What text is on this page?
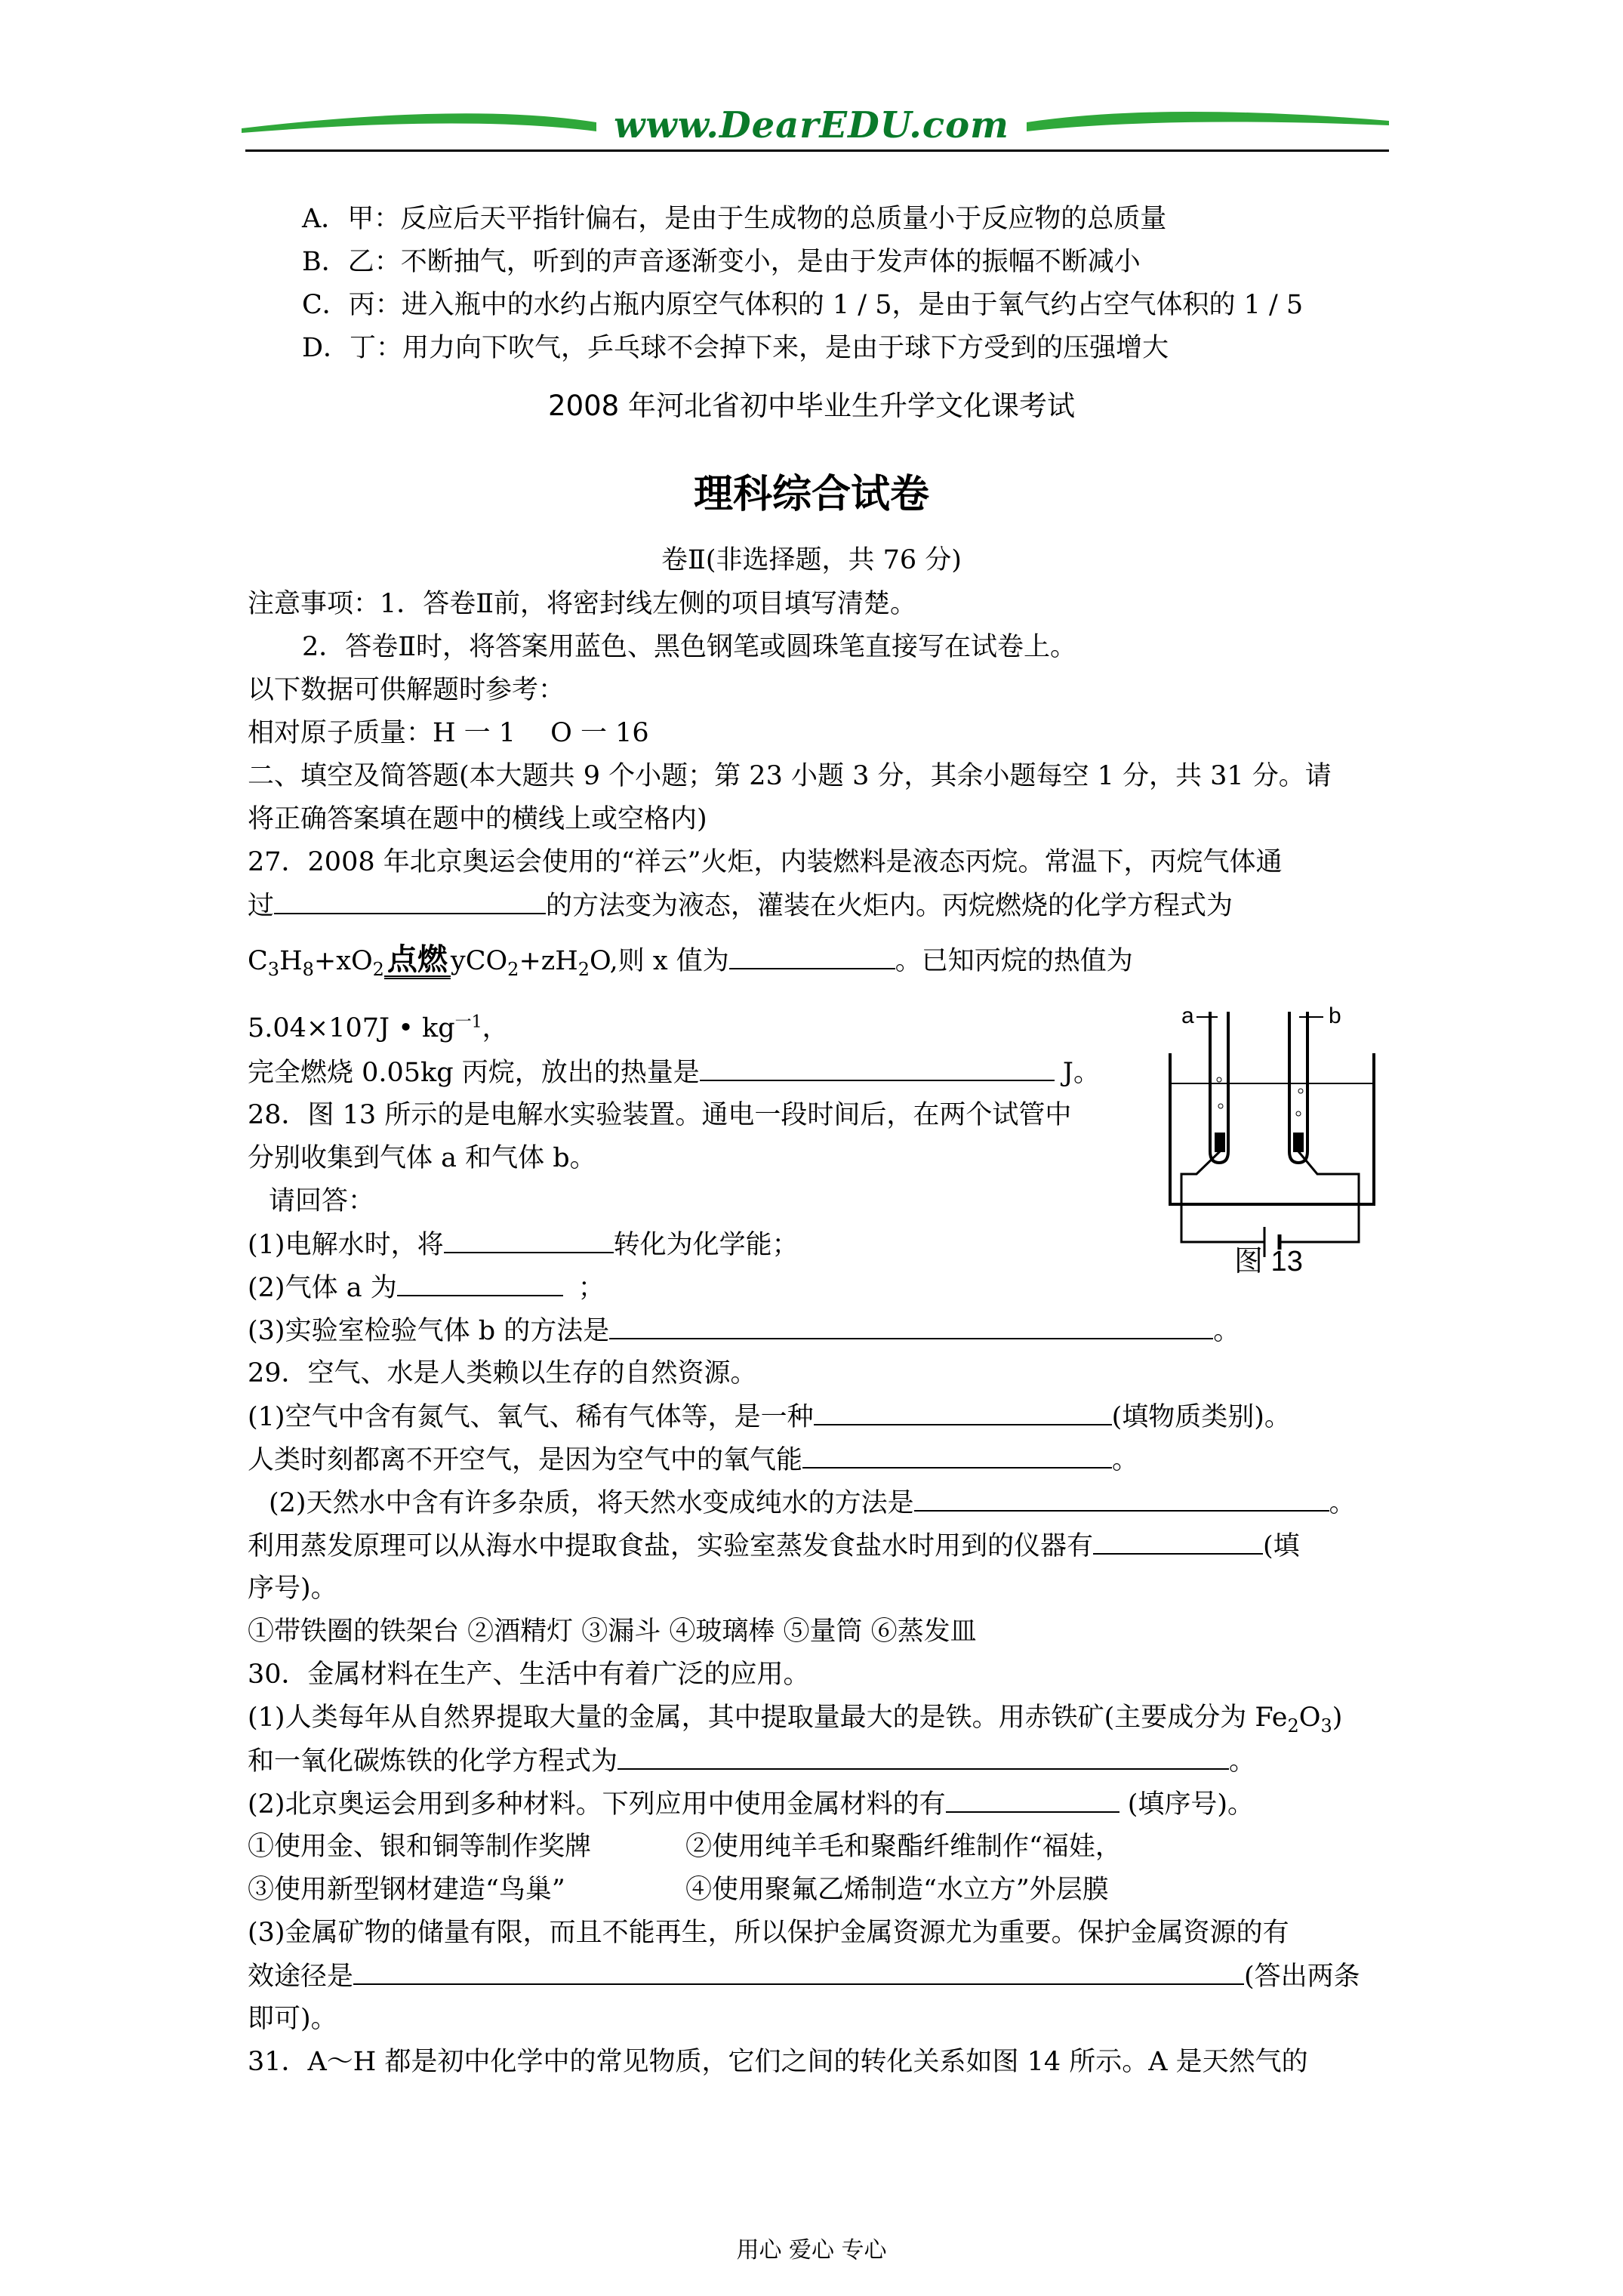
www.DearEDU.com
A．甲：反应后天平指针偏右，是由于生成物的总质量小于反应物的总质量
B．乙：不断抽气，听到的声音逐渐变小，是由于发声体的振幅不断减小
C．丙：进入瓶中的水约占瓶内原空气体积的 1 / 5，是由于氧气约占空气体积的 1 / 5
D．丁：用力向下吹气，乒乓球不会掉下来，是由于球下方受到的压强增大
2008 年河北省初中毕业生升学文化课考试
理科综合试卷
卷Ⅱ(非选择题，共 76 分)
注意事项：1．答卷Ⅱ前，将密封线左侧的项目填写清楚。
2．答卷Ⅱ时，将答案用蓝色、黑色钢笔或圆珠笔直接写在试卷上。
以下数据可供解题时参考：
相对原子质量：H 一 1　 O 一 16
二、填空及简答题(本大题共 9 个小题；第 23 小题 3 分，其余小题每空 1 分，共 31 分。请
将正确答案填在题中的横线上或空格内)
27．2008 年北京奥运会使用的“祥云”火炬，内装燃料是液态丙烷。常温下，丙烷气体通
过	的方法变为液态，灌装在火炬内。丙烷燃烧的化学方程式为
$C_3H_8+xO_2$ 点燃 $yCO_2+zH_2O$,则 x 值为	。已知丙烷的热值为
5.04×107J • $kg^{一1}$，
完全燃烧 0.05kg 丙烷，放出的热量是	J。
28．图 13 所示的是电解水实验装置。通电一段时间后，在两个试管中
分别收集到气体 a 和气体 b。
请回答：
(1)电解水时，将	转化为化学能；
(2)气体 a 为	；
(3)实验室检验气体 b 的方法是	。
a	b
图 13
29．空气、水是人类赖以生存的自然资源。
(1)空气中含有氮气、氧气、稀有气体等，是一种	(填物质类别)。
人类时刻都离不开空气，是因为空气中的氧气能	。
(2)天然水中含有许多杂质，将天然水变成纯水的方法是	。
利用蒸发原理可以从海水中提取食盐，实验室蒸发食盐水时用到的仪器有	(填
序号)。
①带铁圈的铁架台 ②酒精灯 ③漏斗 ④玻璃棒 ⑤量筒 ⑥蒸发皿
30．金属材料在生产、生活中有着广泛的应用。
(1)人类每年从自然界提取大量的金属，其中提取量最大的是铁。用赤铁矿(主要成分为 $Fe_2O_3$)
和一氧化碳炼铁的化学方程式为	。
(2)北京奥运会用到多种材料。下列应用中使用金属材料的有	(填序号)。
①使用金、银和铜等制作奖牌	②使用纯羊毛和聚酯纤维制作“福娃，
③使用新型钢材建造“鸟巢”	④使用聚氟乙烯制造“水立方”外层膜
(3)金属矿物的储量有限，而且不能再生，所以保护金属资源尤为重要。保护金属资源的有
效途径是	(答出两条
即可)。
31．A～H 都是初中化学中的常见物质，它们之间的转化关系如图 14 所示。A 是天然气的
用心 爱心 专心
